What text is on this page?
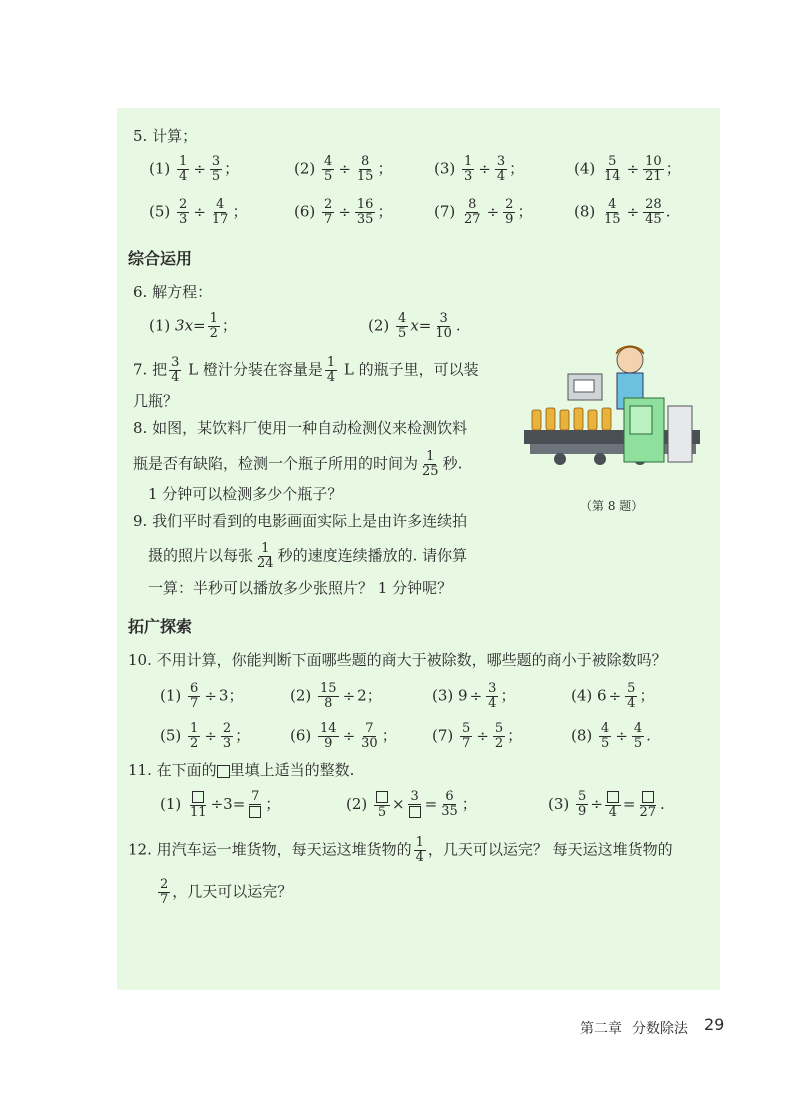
5. 计算；
$(1) \frac{1}{4} \div \frac{3}{5}$ ；	$(2) \frac{4}{5} \div \frac{8}{15}$ ；	$(3) \frac{1}{3} \div \frac{3}{4}$ ；	$(4) \frac{5}{14} \div \frac{10}{21}$ ；
$(5) \frac{2}{3} \div \frac{4}{17}$ ；	$(6) \frac{2}{7} \div \frac{16}{35}$ ；	$(7) \frac{8}{27} \div \frac{2}{9}$ ；	$(8) \frac{4}{15} \div \frac{28}{45}$ .
综合运用
6. 解方程：
(1) $3x= \frac{1}{2}$ ；	$(2) \frac{4}{5} x= \frac{3}{10}$ .
7. 把 $\frac{3}{4}$ L 橙汁分装在容量是 $\frac{1}{4}$ L 的瓶子里，可以装
几瓶？
8. 如图，某饮料厂使用一种自动检测仪来检测饮料
瓶是否有缺陷，检测一个瓶子所用的时间为 $\frac{1}{25}$ 秒.
1 分钟可以检测多少个瓶子？
（第 8 题）
9. 我们平时看到的电影画面实际上是由许多连续拍
摄的照片以每张 $\frac{1}{24}$ 秒的速度连续播放的. 请你算
一算：半秒可以播放多少张照片？ 1 分钟呢？
拓广探索
10. 不用计算，你能判断下面哪些题的商大于被除数，哪些题的商小于被除数吗？
$(1) \frac{6}{7} \div 3$；	$(2) \frac{15}{8} \div 2$；	(3) $9 \div \frac{3}{4}$ ；	(4) $6 \div \frac{5}{4}$ ；
$(5) \frac{1}{2} \div \frac{2}{3}$ ；	$(6) \frac{14}{9} \div \frac{7}{30}$ ； $(7) \frac{5}{7} \div \frac{5}{2}$ ；	$(8) \frac{4}{5} \div \frac{4}{5}$ .
11. 在下面的 里填上适当的整数.
(1) 11 ÷3= 7 ；	(2) $5 \times 3 = \frac{6}{35}$ ；	$(3) \frac{5}{9} \div 4 = 27$ .
12. 用汽车运一堆货物，每天运这堆货物的 $\frac{1}{4}$ ，几天可以运完？ 每天运这堆货物的
$\frac{2}{7}$ ，几天可以运完？
第二章 分数除法 29
